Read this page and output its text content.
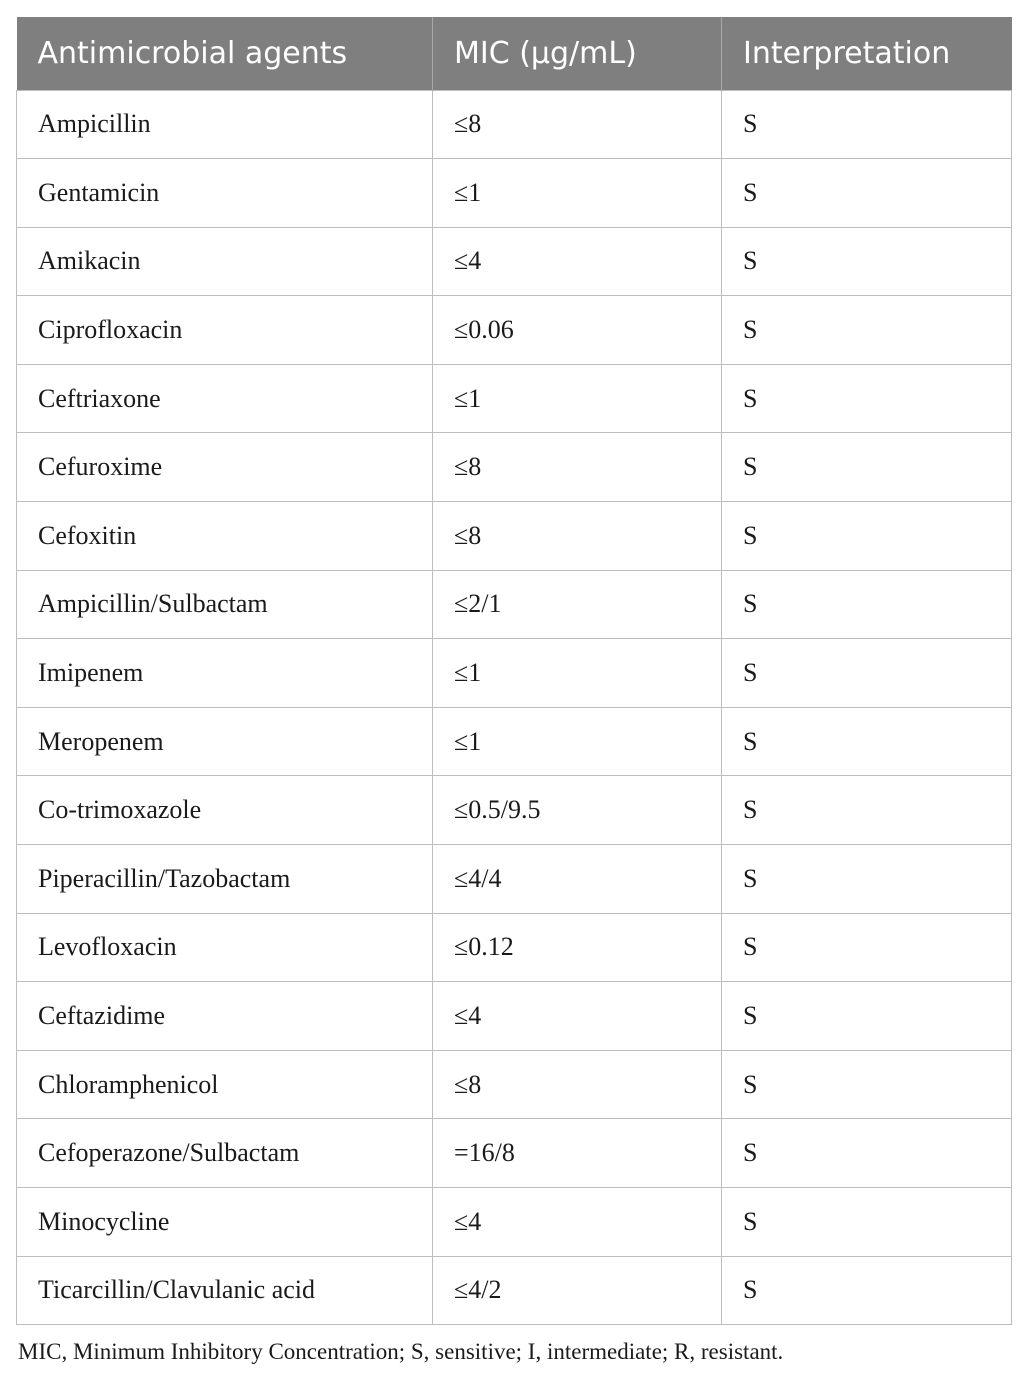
Antimicrobial agents	MIC (μg/mL)	Interpretation
Ampicillin	≤8	S
Gentamicin	≤1	S
Amikacin	≤4	S
Ciprofloxacin	≤0.06	S
Ceftriaxone	≤1	S
Cefuroxime	≤8	S
Cefoxitin	≤8	S
Ampicillin/Sulbactam	≤2/1	S
Imipenem	≤1	S
Meropenem	≤1	S
Co-trimoxazole	≤0.5/9.5	S
Piperacillin/Tazobactam	≤4/4	S
Levofloxacin	≤0.12	S
Ceftazidime	≤4	S
Chloramphenicol	≤8	S
Cefoperazone/Sulbactam	=16/8	S
Minocycline	≤4	S
Ticarcillin/Clavulanic acid	≤4/2	S
MIC, Minimum Inhibitory Concentration; S, sensitive; I, intermediate; R, resistant.
